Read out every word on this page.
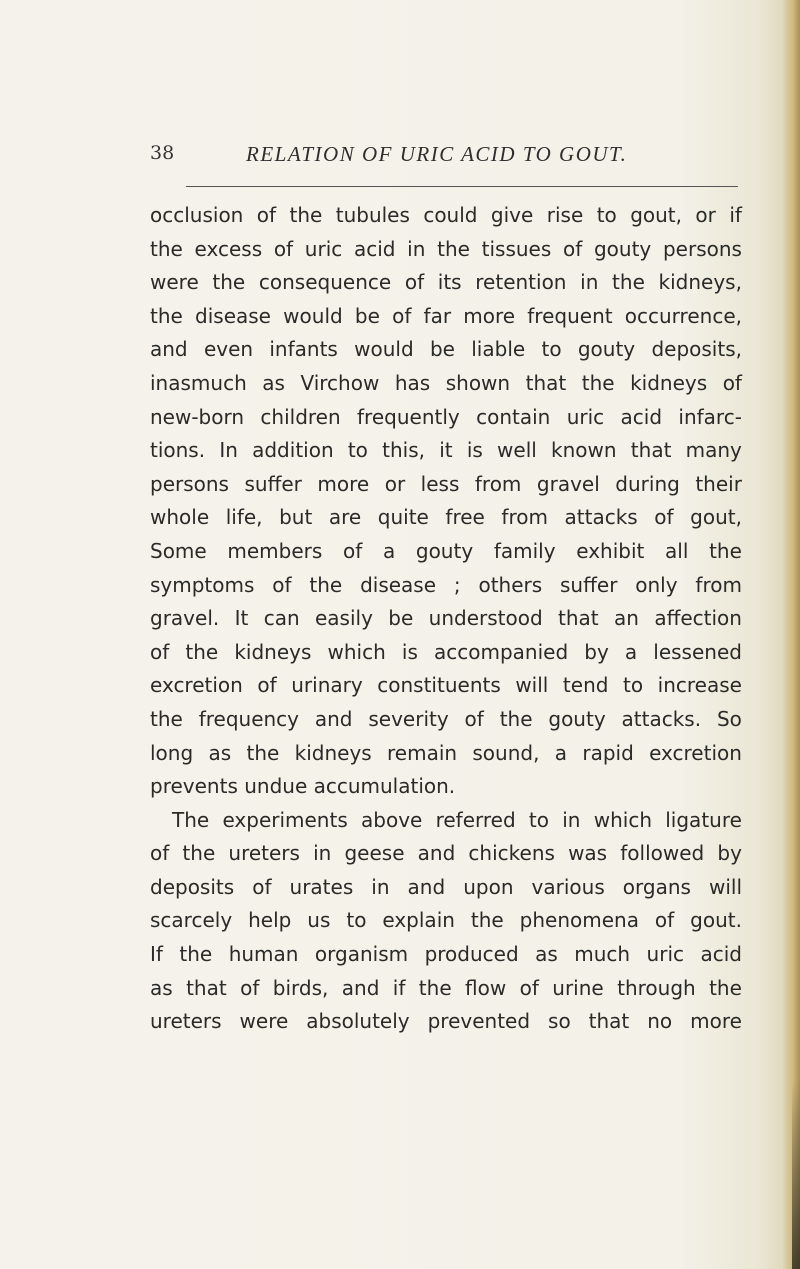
38	RELATION OF URIC ACID TO GOUT.
occlusion of the tubules could give rise to gout, or if
the excess of uric acid in the tissues of gouty persons
were the consequence of its retention in the kidneys,
the disease would be of far more frequent occurrence,
and even infants would be liable to gouty deposits,
inasmuch as Virchow has shown that the kidneys of
new-born children frequently contain uric acid infarc-
tions. In addition to this, it is well known that many
persons suffer more or less from gravel during their
whole life, but are quite free from attacks of gout,
Some members of a gouty family exhibit all the
symptoms of the disease ; others suffer only from
gravel. It can easily be understood that an affection
of the kidneys which is accompanied by a lessened
excretion of urinary constituents will tend to increase
the frequency and severity of the gouty attacks. So
long as the kidneys remain sound, a rapid excretion
prevents undue accumulation.
The experiments above referred to in which ligature
of the ureters in geese and chickens was followed by
deposits of urates in and upon various organs will
scarcely help us to explain the phenomena of gout.
If the human organism produced as much uric acid
as that of birds, and if the flow of urine through the
ureters were absolutely prevented so that no more
